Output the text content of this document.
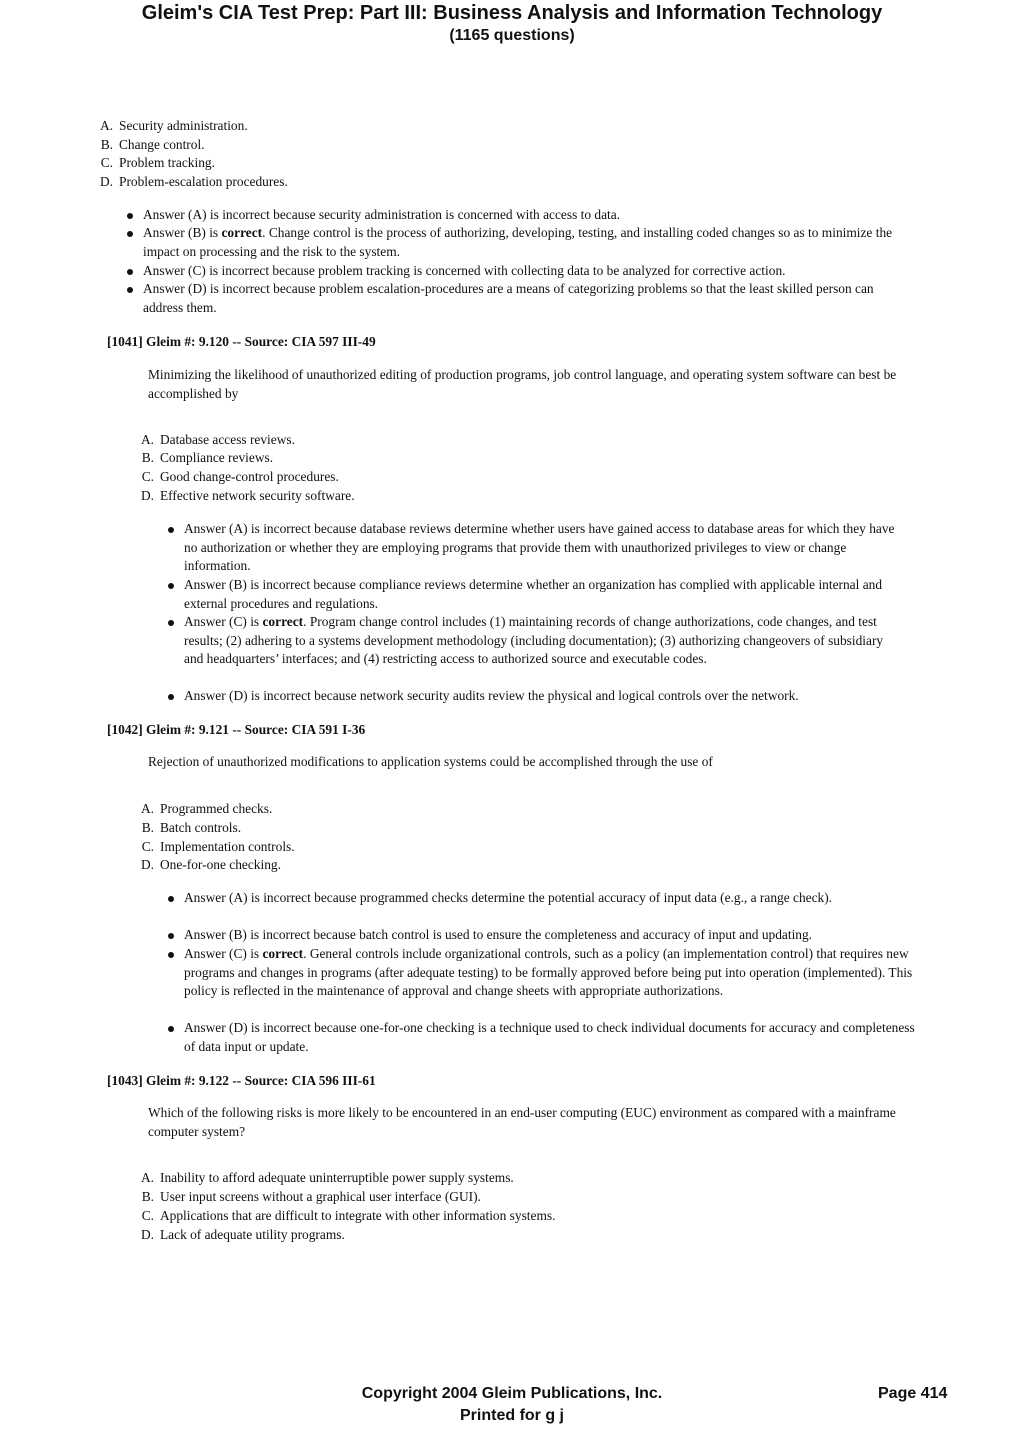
Gleim's CIA Test Prep: Part III: Business Analysis and Information Technology
(1165 questions)
A. Security administration.
B. Change control.
C. Problem tracking.
D. Problem-escalation procedures.
Answer (A) is incorrect because security administration is concerned with access to data.
Answer (B) is correct. Change control is the process of authorizing, developing, testing, and installing coded changes so as to minimize the impact on processing and the risk to the system.
Answer (C) is incorrect because problem tracking is concerned with collecting data to be analyzed for corrective action.
Answer (D) is incorrect because problem escalation-procedures are a means of categorizing problems so that the least skilled person can address them.
[1041] Gleim #: 9.120 -- Source: CIA 597 III-49
Minimizing the likelihood of unauthorized editing of production programs, job control language, and operating system software can best be accomplished by
A. Database access reviews.
B. Compliance reviews.
C. Good change-control procedures.
D. Effective network security software.
Answer (A) is incorrect because database reviews determine whether users have gained access to database areas for which they have no authorization or whether they are employing programs that provide them with unauthorized privileges to view or change information.
Answer (B) is incorrect because compliance reviews determine whether an organization has complied with applicable internal and external procedures and regulations.
Answer (C) is correct. Program change control includes (1) maintaining records of change authorizations, code changes, and test results; (2) adhering to a systems development methodology (including documentation); (3) authorizing changeovers of subsidiary and headquarters’ interfaces; and (4) restricting access to authorized source and executable codes.
Answer (D) is incorrect because network security audits review the physical and logical controls over the network.
[1042] Gleim #: 9.121 -- Source: CIA 591 I-36
Rejection of unauthorized modifications to application systems could be accomplished through the use of
A. Programmed checks.
B. Batch controls.
C. Implementation controls.
D. One-for-one checking.
Answer (A) is incorrect because programmed checks determine the potential accuracy of input data (e.g., a range check).
Answer (B) is incorrect because batch control is used to ensure the completeness and accuracy of input and updating.
Answer (C) is correct. General controls include organizational controls, such as a policy (an implementation control) that requires new programs and changes in programs (after adequate testing) to be formally approved before being put into operation (implemented). This policy is reflected in the maintenance of approval and change sheets with appropriate authorizations.
Answer (D) is incorrect because one-for-one checking is a technique used to check individual documents for accuracy and completeness of data input or update.
[1043] Gleim #: 9.122 -- Source: CIA 596 III-61
Which of the following risks is more likely to be encountered in an end-user computing (EUC) environment as compared with a mainframe computer system?
A. Inability to afford adequate uninterruptible power supply systems.
B. User input screens without a graphical user interface (GUI).
C. Applications that are difficult to integrate with other information systems.
D. Lack of adequate utility programs.
Copyright 2004 Gleim Publications, Inc.
Printed for g j
Page 414
